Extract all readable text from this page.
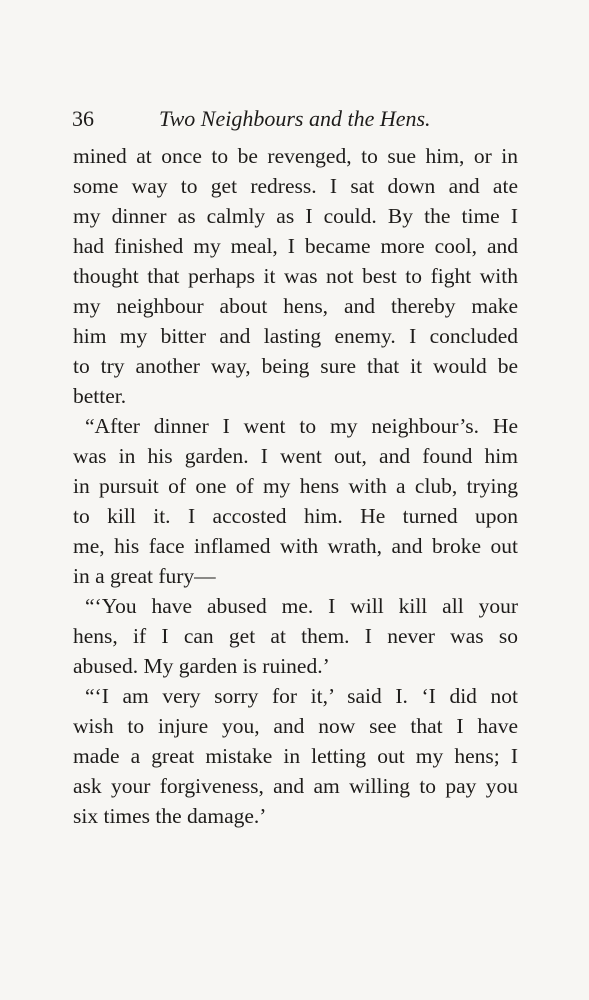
36	Two Neighbours and the Hens.
mined at once to be revenged, to sue him, or in
some way to get redress. I sat down and ate
my dinner as calmly as I could. By the time I
had finished my meal, I became more cool, and
thought that perhaps it was not best to fight with
my neighbour about hens, and thereby make
him my bitter and lasting enemy. I concluded
to try another way, being sure that it would be
better.
“After dinner I went to my neighbour’s. He
was in his garden. I went out, and found him
in pursuit of one of my hens with a club, trying
to kill it. I accosted him. He turned upon
me, his face inflamed with wrath, and broke out
in a great fury—
“‘You have abused me. I will kill all your
hens, if I can get at them. I never was so
abused. My garden is ruined.’
“‘I am very sorry for it,’ said I. ‘I did not
wish to injure you, and now see that I have
made a great mistake in letting out my hens; I
ask your forgiveness, and am willing to pay you
six times the damage.’
